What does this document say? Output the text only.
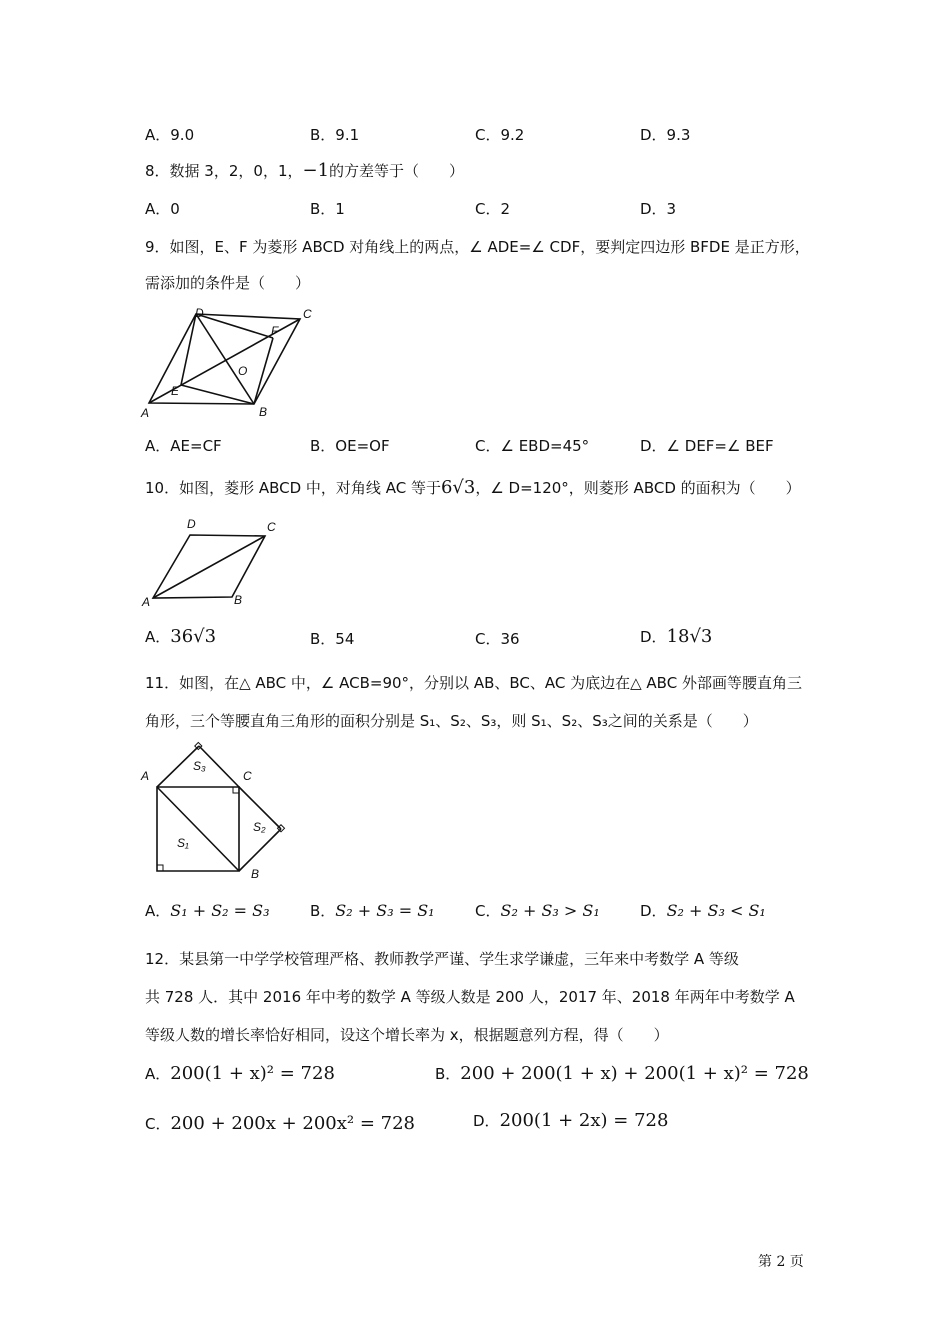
A．9.0	B．9.1	C．9.2	D．9.3
8．数据 3，2，0，1，−1的方差等于（　　）
A．0	B．1	C．2	D．3
9．如图，E、F 为菱形 ABCD 对角线上的两点，∠ ADE=∠ CDF，要判定四边形 BFDE 是正方形，
需添加的条件是（　　）
D	C
F
O
E
A	B
A．AE=CF	B．OE=OF	C．∠ EBD=45°	D．∠ DEF=∠ BEF
10．如图，菱形 ABCD 中，对角线 AC 等于6√3，∠ D=120°，则菱形 ABCD 的面积为（　　）
D	C
A	B
A．36√3	B．54	C．36	D．18√3
11．如图，在△ ABC 中，∠ ACB=90°，分别以 AB、BC、AC 为底边在△ ABC 外部画等腰直角三
角形，三个等腰直角三角形的面积分别是 S₁、S₂、S₃，则 S₁、S₂、S₃之间的关系是（　　）
A	C
B
S₃
S₂
S₁
A．S₁ + S₂ = S₃	B．S₂ + S₃ = S₁	C．S₂ + S₃ > S₁	D．S₂ + S₃ < S₁
12．某县第一中学学校管理严格、教师教学严谨、学生求学谦虚，三年来中考数学 A 等级
共 728 人．其中 2016 年中考的数学 A 等级人数是 200 人，2017 年、2018 年两年中考数学 A
等级人数的增长率恰好相同，设这个增长率为 x，根据题意列方程，得（　　）
A．200(1 + x)² = 728	B．200 + 200(1 + x) + 200(1 + x)² = 728
C．200 + 200x + 200x² = 728	D．200(1 + 2x) = 728
第 2 页
